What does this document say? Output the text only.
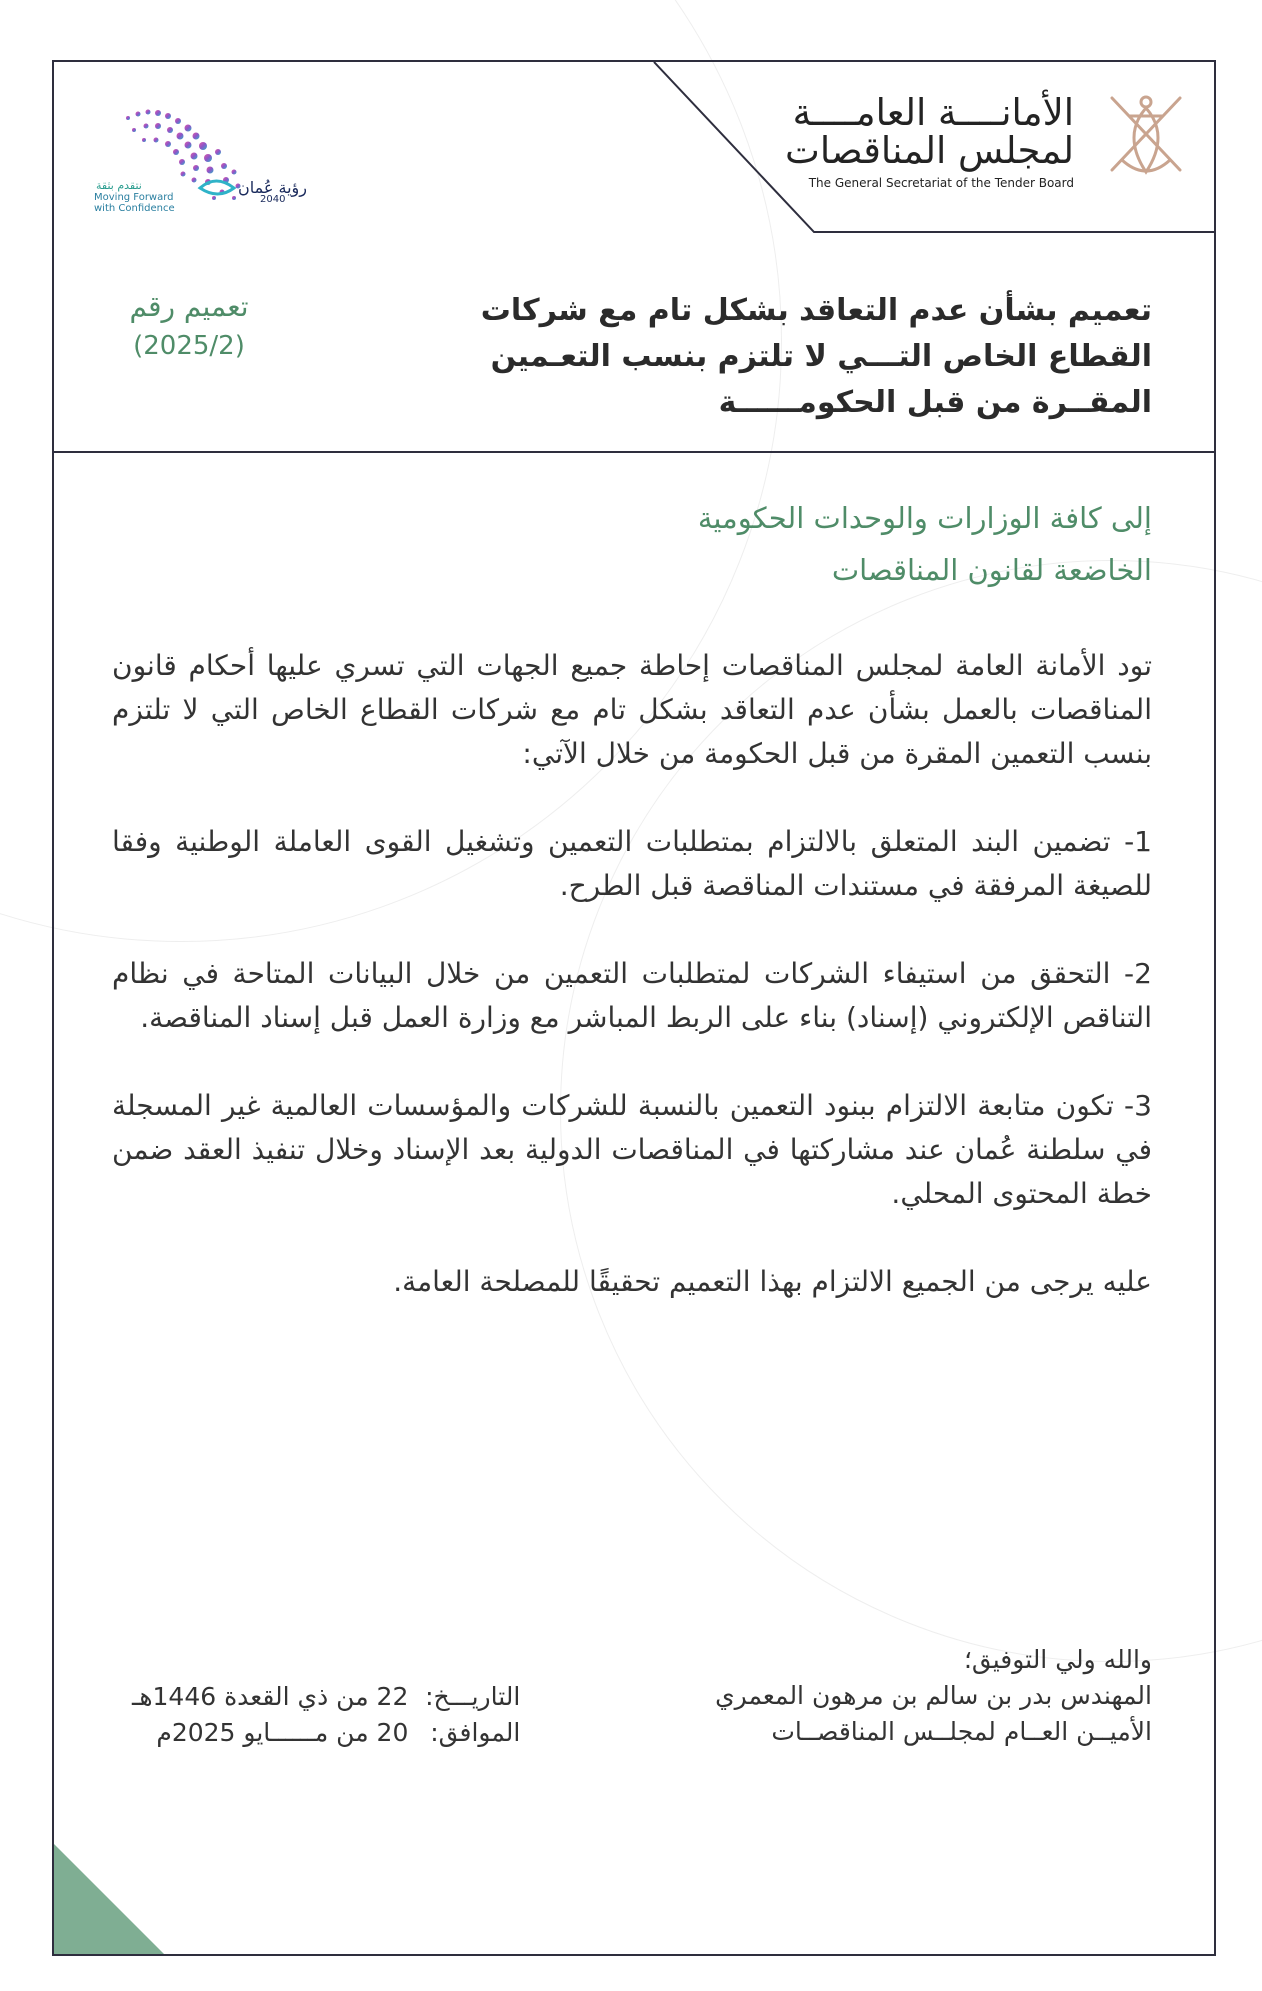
الأمانــــة العامــــة
لمجلس المناقصات
The General Secretariat of the Tender Board
رؤية عُمان
2040
نتقدم بثقة
Moving Forward
with Confidence
تعميم رقم
(2025/2)
تعميم بشأن عدم التعاقد بشكل تام مع شركات القطاع الخاص التـــي لا تلتزم بنسب التعـمين المقــرة من قبل الحكومــــــة
إلى كافة الوزارات والوحدات الحكومية
الخاضعة لقانون المناقصات

تود الأمانة العامة لمجلس المناقصات إحاطة جميع الجهات التي تسري عليها أحكام قانون المناقصات بالعمل بشأن عدم التعاقد بشكل تام مع شركات القطاع الخاص التي لا تلتزم بنسب التعمين المقرة من قبل الحكومة من خلال الآتي:

1- تضمين البند المتعلق بالالتزام بمتطلبات التعمين وتشغيل القوى العاملة الوطنية وفقا للصيغة المرفقة في مستندات المناقصة قبل الطرح.

2- التحقق من استيفاء الشركات لمتطلبات التعمين من خلال البيانات المتاحة في نظام التناقص الإلكتروني (إسناد) بناء على الربط المباشر مع وزارة العمل قبل إسناد المناقصة.

3- تكون متابعة الالتزام ببنود التعمين بالنسبة للشركات والمؤسسات العالمية غير المسجلة في سلطنة عُمان عند مشاركتها في المناقصات الدولية بعد الإسناد وخلال تنفيذ العقد ضمن خطة المحتوى المحلي.

عليه يرجى من الجميع الالتزام بهذا التعميم تحقيقًا للمصلحة العامة.

والله ولي التوفيق؛
المهندس بدر بن سالم بن مرهون المعمري
الأميــن العــام لمجلــس المناقصــات
التاريـــخ:
22 من ذي القعدة 1446هـ
الموافق:
20 من مــــــايو 2025م
